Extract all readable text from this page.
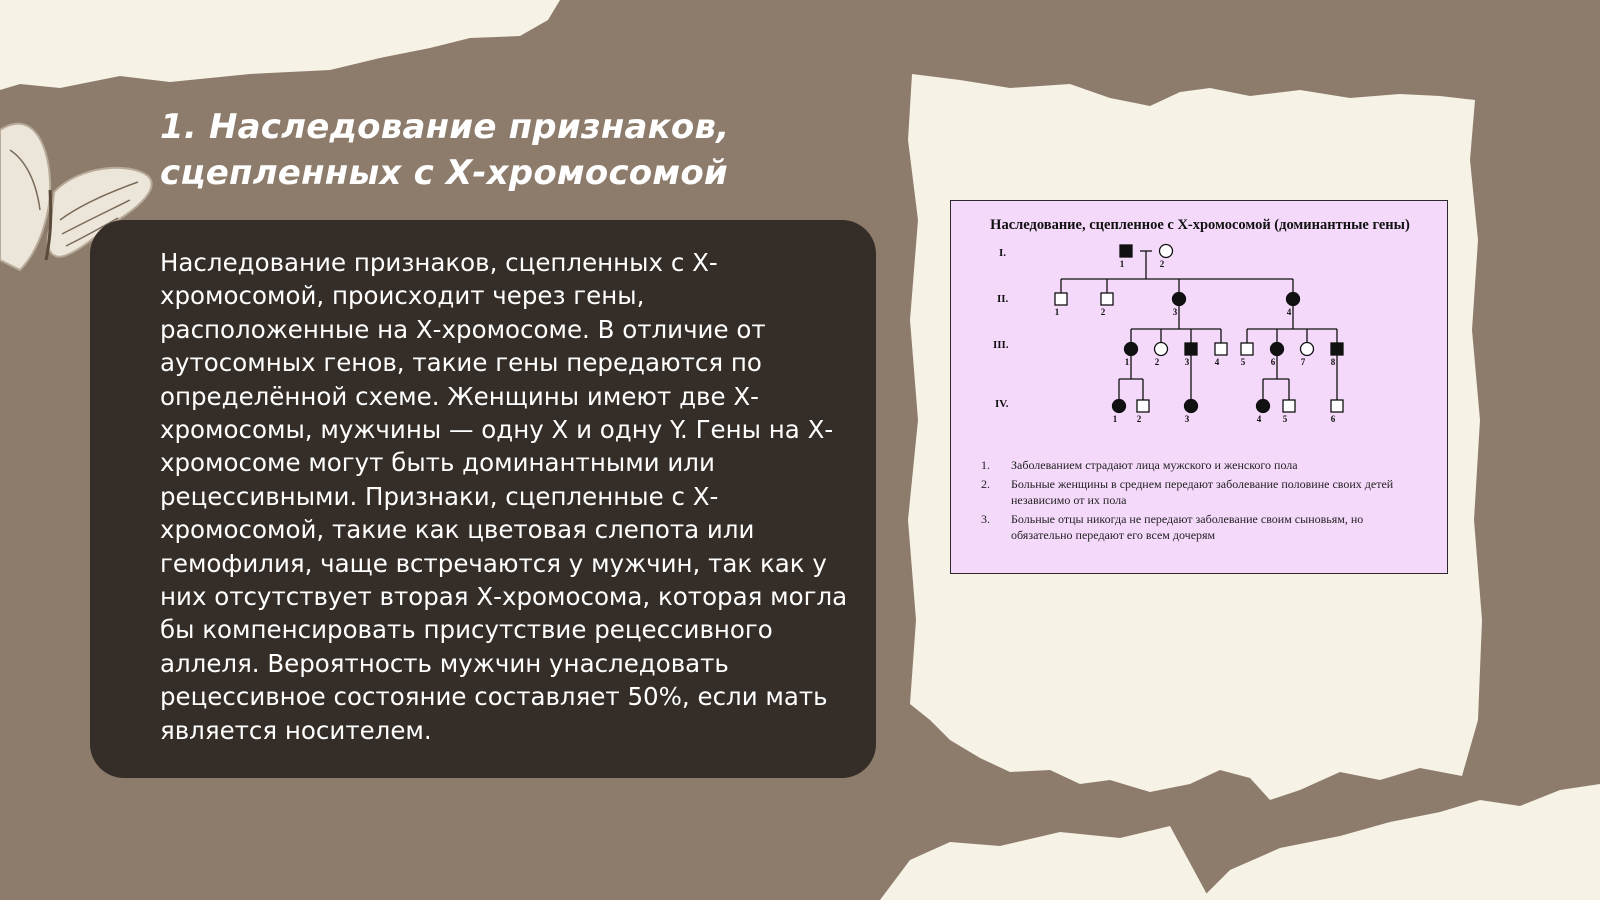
1. Наследование признаков,
сцепленных с Х-хромосомой

Наследование признаков, сцепленных с Х-хромосомой, происходит через гены, расположенные на Х-хромосоме. В отличие от аутосомных генов, такие гены передаются по определённой схеме. Женщины имеют две Х-хромосомы, мужчины — одну Х и одну Y. Гены на Х-хромосоме могут быть доминантными или рецессивными. Признаки, сцепленные с Х-хромосомой, такие как цветовая слепота или гемофилия, чаще встречаются у мужчин, так как у них отсутствует вторая Х-хромосома, которая могла бы компенсировать присутствие рецессивного аллеля. Вероятность мужчин унаследовать рецессивное состояние составляет 50%, если мать является носителем.

Наследование, сцепленное с Х-хромосомой (доминантные гены)
I.
II.
III.
IV.
1	2
1	2	3	4
1	2	3	4 5	6	7	8
1 2	3	4 5	6
1.	Заболеванием страдают лица мужского и женского пола
2.	Больные женщины в среднем передают заболевание половине своих детей независимо от их пола
3.	Больные отцы никогда не передают заболевание своим сыновьям, но обязательно передают его всем дочерям
